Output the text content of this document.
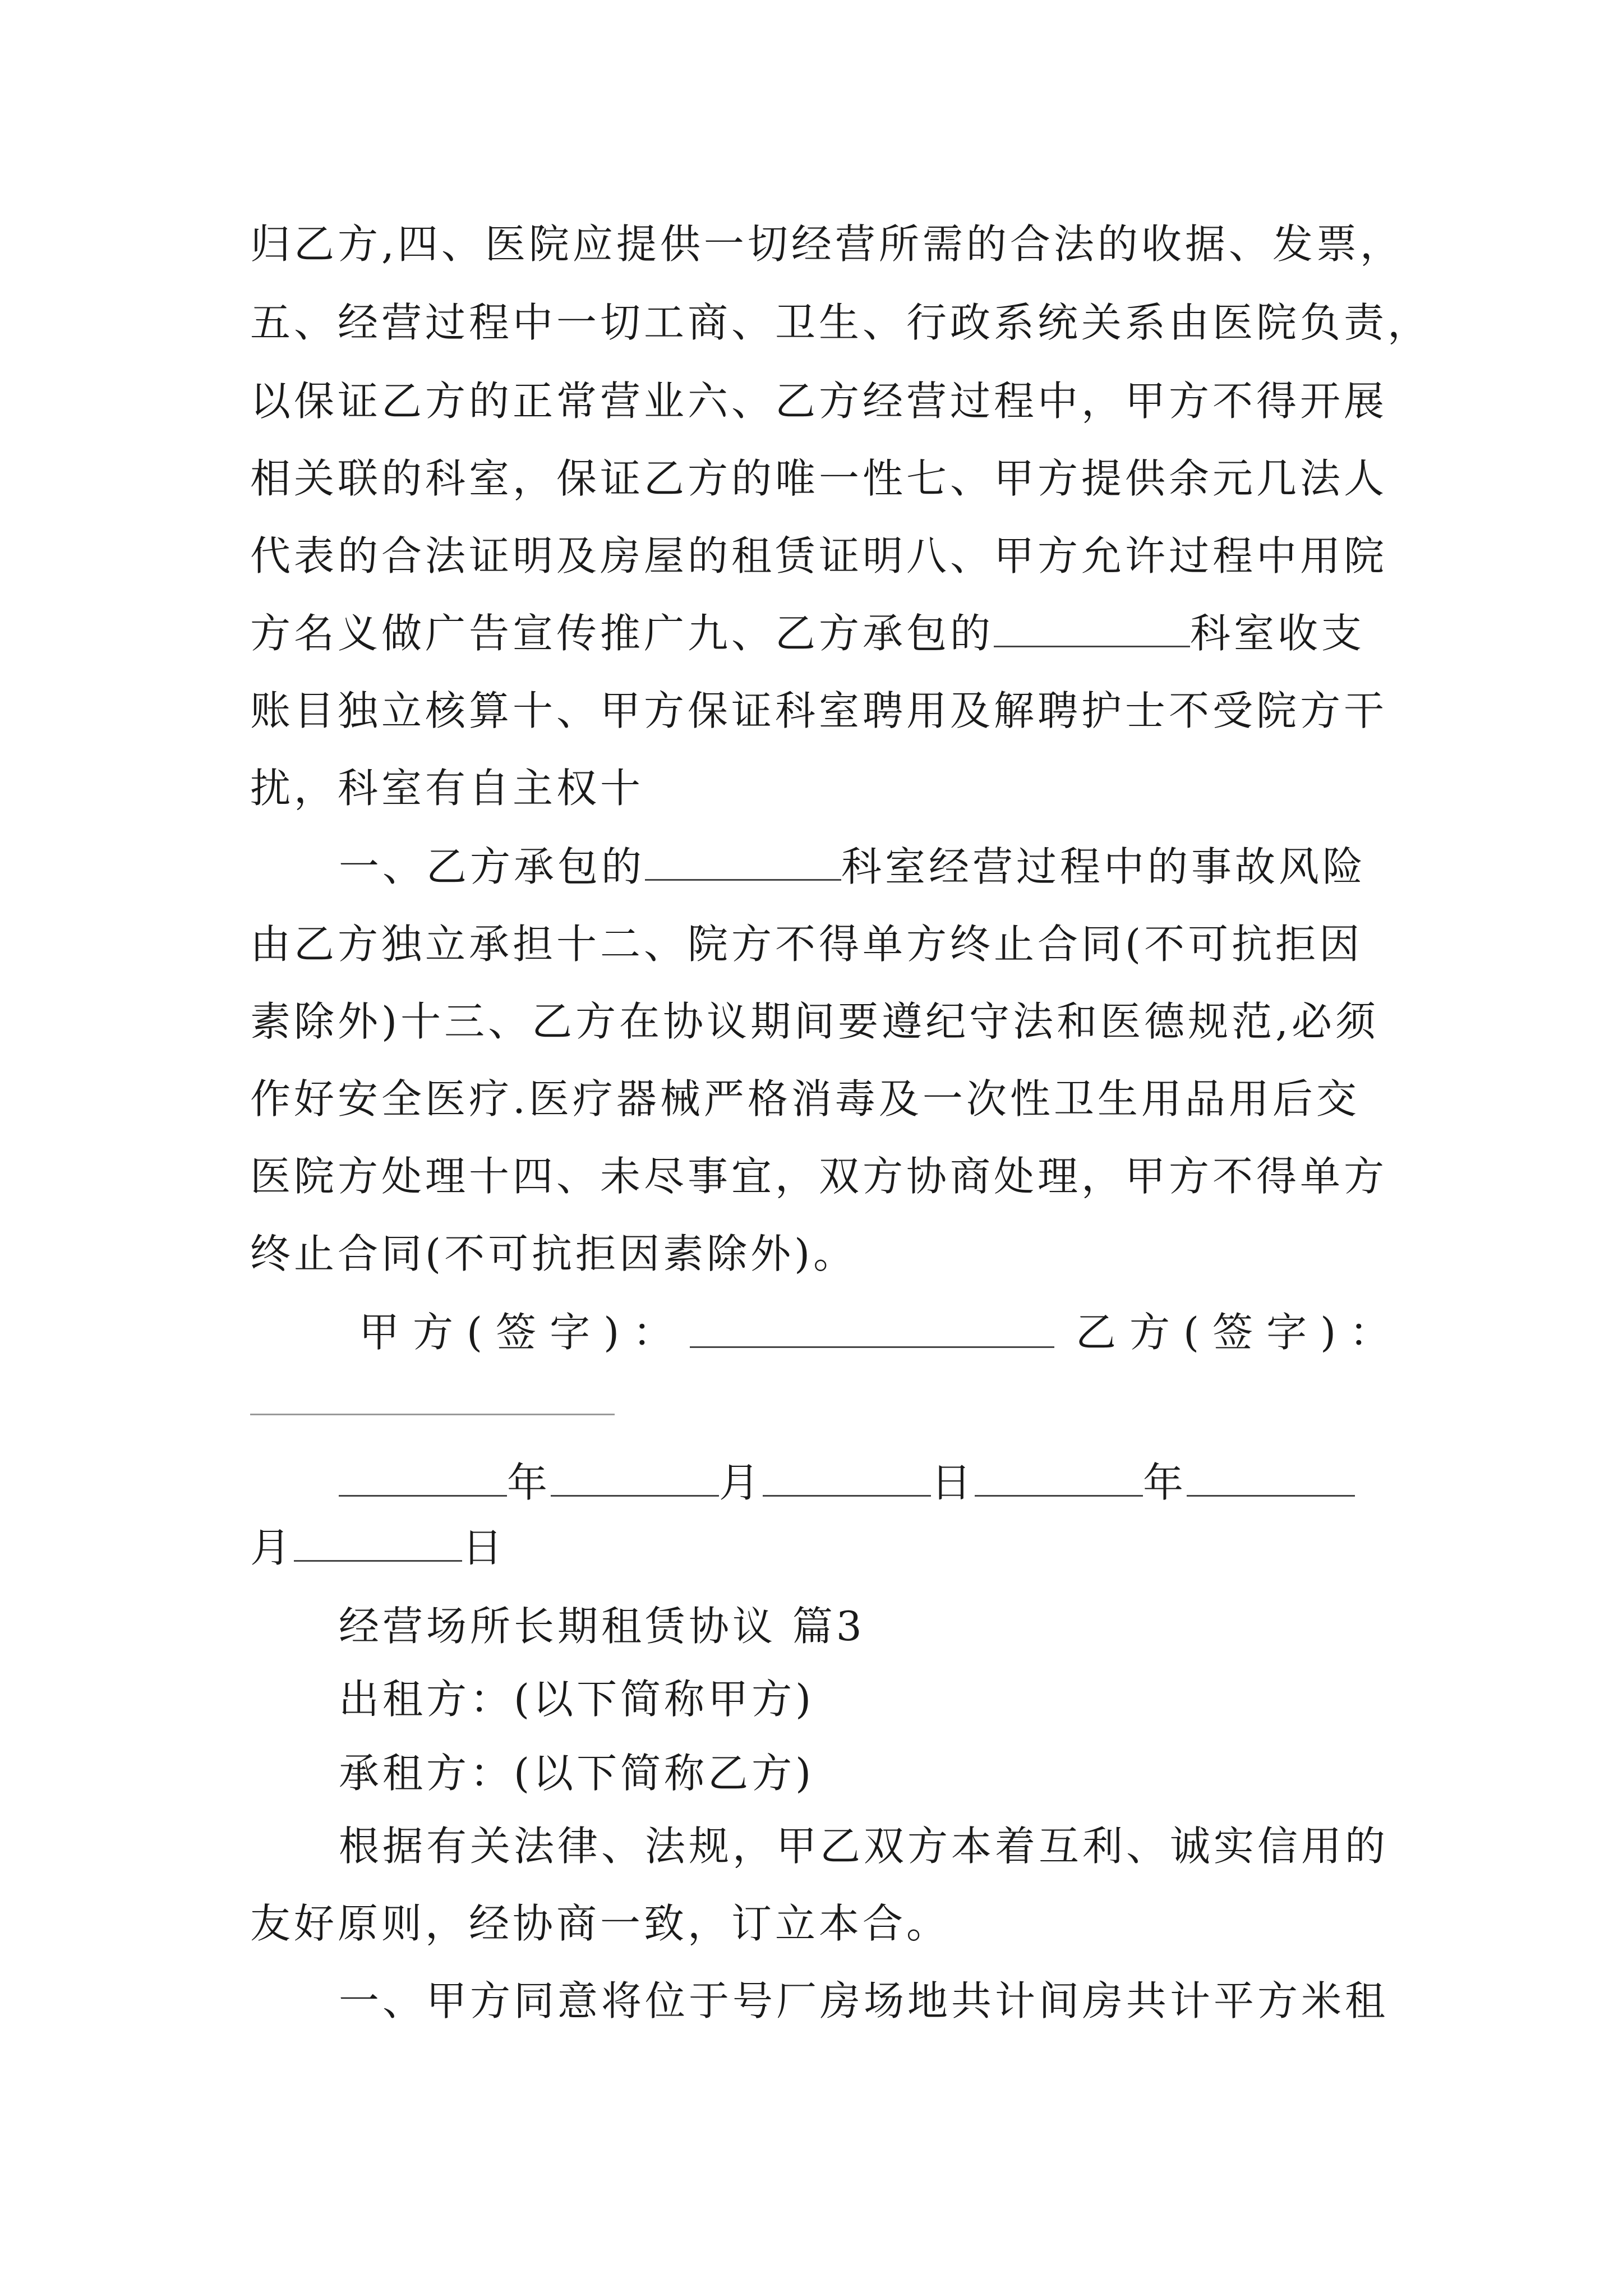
归乙方,四、医院应提供一切经营所需的合法的收据、发票，
五、经营过程中一切工商、卫生、行政系统关系由医院负责，
以保证乙方的正常营业六、乙方经营过程中，甲方不得开展
相关联的科室，保证乙方的唯一性七、甲方提供余元几法人
代表的合法证明及房屋的租赁证明八、甲方允许过程中用院
方名义做广告宣传推广九、乙方承包的	科室收支
账目独立核算十、甲方保证科室聘用及解聘护士不受院方干
扰，科室有自主权十
一、乙方承包的	科室经营过程中的事故风险
由乙方独立承担十二、院方不得单方终止合同(不可抗拒因
素除外)十三、乙方在协议期间要遵纪守法和医德规范,必须
作好安全医疗.医疗器械严格消毒及一次性卫生用品用后交
医院方处理十四、未尽事宜，双方协商处理，甲方不得单方
终止合同(不可抗拒因素除外)。
甲方(签字)：	乙方(签字)：
年	月	日	年
月	日
经营场所长期租赁协议 篇3
出租方：(以下简称甲方)
承租方：(以下简称乙方)
根据有关法律、法规，甲乙双方本着互利、诚实信用的
友好原则，经协商一致，订立本合。
一、甲方同意将位于号厂房场地共计间房共计平方米租
